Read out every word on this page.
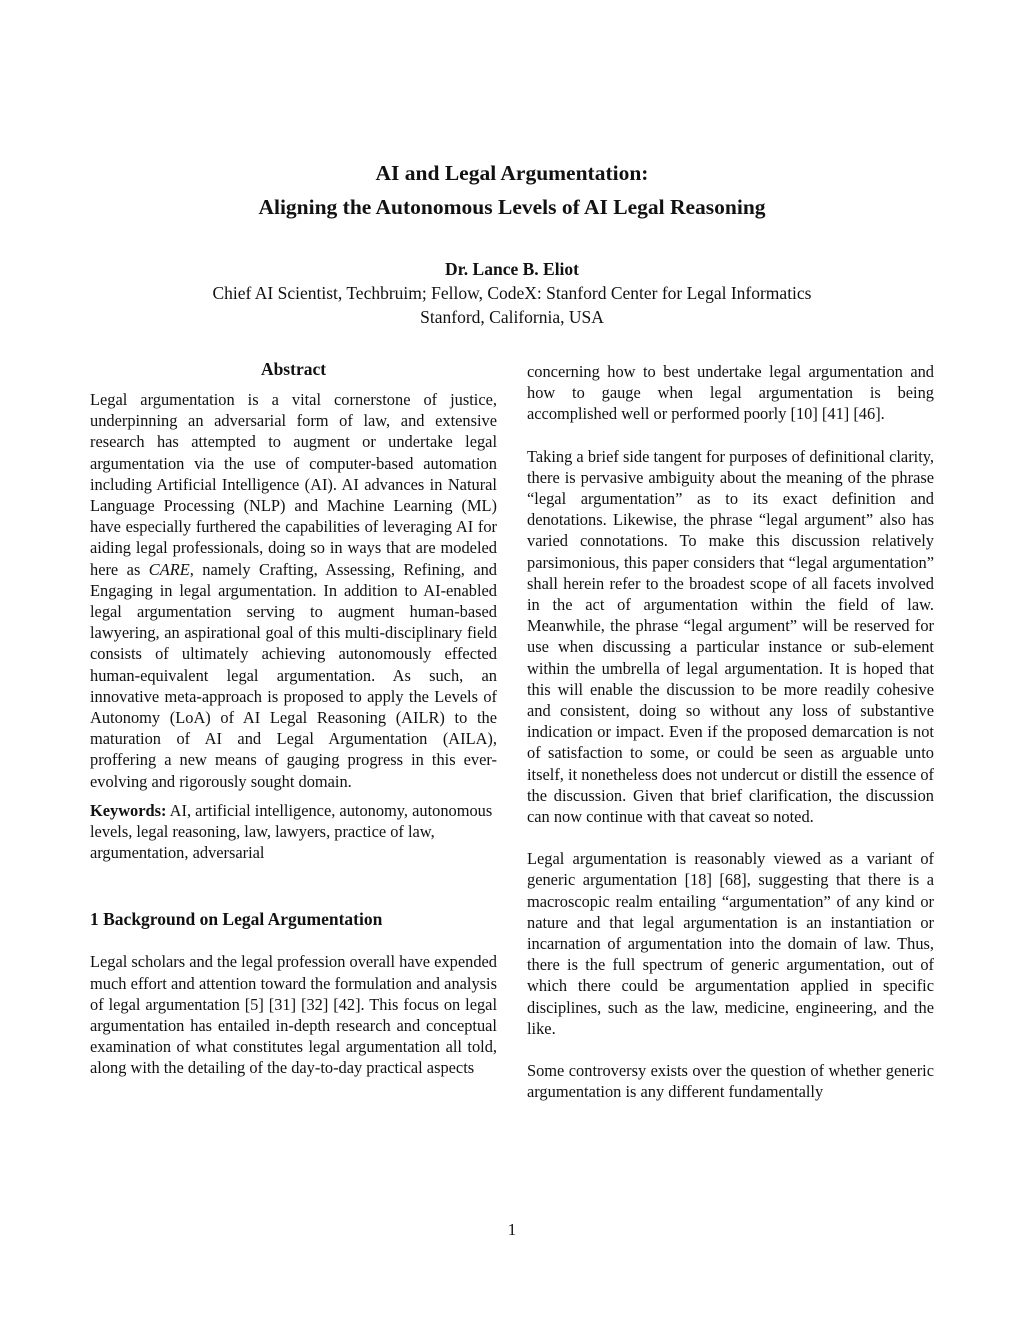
AI and Legal Argumentation:

Aligning the Autonomous Levels of AI Legal Reasoning

Dr. Lance B. Eliot
Chief AI Scientist, Techbruim; Fellow, CodeX: Stanford Center for Legal Informatics
Stanford, California, USA

Abstract

Legal argumentation is a vital cornerstone of justice, underpinning an adversarial form of law, and extensive research has attempted to augment or undertake legal argumentation via the use of computer-based automation including Artificial Intelligence (AI). AI advances in Natural Language Processing (NLP) and Machine Learning (ML) have especially furthered the capabilities of leveraging AI for aiding legal professionals, doing so in ways that are modeled here as CARE, namely Crafting, Assessing, Refining, and Engaging in legal argumentation. In addition to AI-enabled legal argumentation serving to augment human-based lawyering, an aspirational goal of this multi-disciplinary field consists of ultimately achieving autonomously effected human-equivalent legal argumentation. As such, an innovative meta-approach is proposed to apply the Levels of Autonomy (LoA) of AI Legal Reasoning (AILR) to the maturation of AI and Legal Argumentation (AILA), proffering a new means of gauging progress in this ever-evolving and rigorously sought domain.

Keywords: AI, artificial intelligence, autonomy, autonomous levels, legal reasoning, law, lawyers, practice of law, argumentation, adversarial

1 Background on Legal Argumentation

Legal scholars and the legal profession overall have expended much effort and attention toward the formulation and analysis of legal argumentation [5] [31] [32] [42]. This focus on legal argumentation has entailed in-depth research and conceptual examination of what constitutes legal argumentation all told, along with the detailing of the day-to-day practical aspects

concerning how to best undertake legal argumentation and how to gauge when legal argumentation is being accomplished well or performed poorly [10] [41] [46].

Taking a brief side tangent for purposes of definitional clarity, there is pervasive ambiguity about the meaning of the phrase “legal argumentation” as to its exact definition and denotations. Likewise, the phrase “legal argument” also has varied connotations. To make this discussion relatively parsimonious, this paper considers that “legal argumentation” shall herein refer to the broadest scope of all facets involved in the act of argumentation within the field of law. Meanwhile, the phrase “legal argument” will be reserved for use when discussing a particular instance or sub-element within the umbrella of legal argumentation. It is hoped that this will enable the discussion to be more readily cohesive and consistent, doing so without any loss of substantive indication or impact. Even if the proposed demarcation is not of satisfaction to some, or could be seen as arguable unto itself, it nonetheless does not undercut or distill the essence of the discussion. Given that brief clarification, the discussion can now continue with that caveat so noted.

Legal argumentation is reasonably viewed as a variant of generic argumentation [18] [68], suggesting that there is a macroscopic realm entailing “argumentation” of any kind or nature and that legal argumentation is an instantiation or incarnation of argumentation into the domain of law. Thus, there is the full spectrum of generic argumentation, out of which there could be argumentation applied in specific disciplines, such as the law, medicine, engineering, and the like.

Some controversy exists over the question of whether generic argumentation is any different fundamentally

1
